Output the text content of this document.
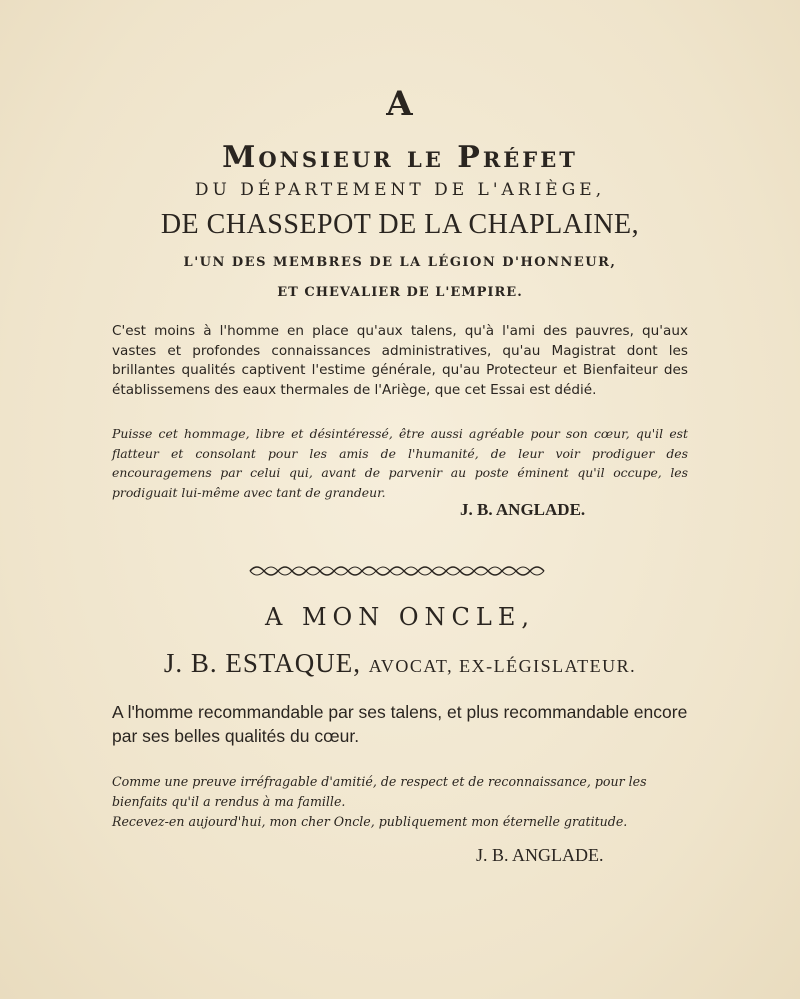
A
Monsieur le Préfet
DU DÉPARTEMENT DE L'ARIÈGE,
DE CHASSEPOT DE LA CHAPLAINE,
L'UN DES MEMBRES DE LA LÉGION D'HONNEUR,
ET CHEVALIER DE L'EMPIRE.
C'est moins à l'homme en place qu'aux talens, qu'à l'ami des pauvres, qu'aux vastes et profondes connaissances administratives, qu'au Magistrat dont les brillantes qualités captivent l'estime générale, qu'au Protecteur et Bienfaiteur des établissemens des eaux thermales de l'Ariège, que cet Essai est dédié.
Puisse cet hommage, libre et désintéressé, être aussi agréable pour son cœur, qu'il est flatteur et consolant pour les amis de l'humanité, de leur voir prodiguer des encouragemens par celui qui, avant de parvenir au poste éminent qu'il occupe, les prodiguait lui-même avec tant de grandeur.
J. B. ANGLADE.
A MON ONCLE,
J. B. ESTAQUE, AVOCAT, EX-LÉGISLATEUR.
A l'homme recommandable par ses talens, et plus recommandable encore par ses belles qualités du cœur.
Comme une preuve irréfragable d'amitié, de respect et de reconnaissance, pour les bienfaits qu'il a rendus à ma famille.
Recevez-en aujourd'hui, mon cher Oncle, publiquement mon éternelle gratitude.
J. B. ANGLADE.
